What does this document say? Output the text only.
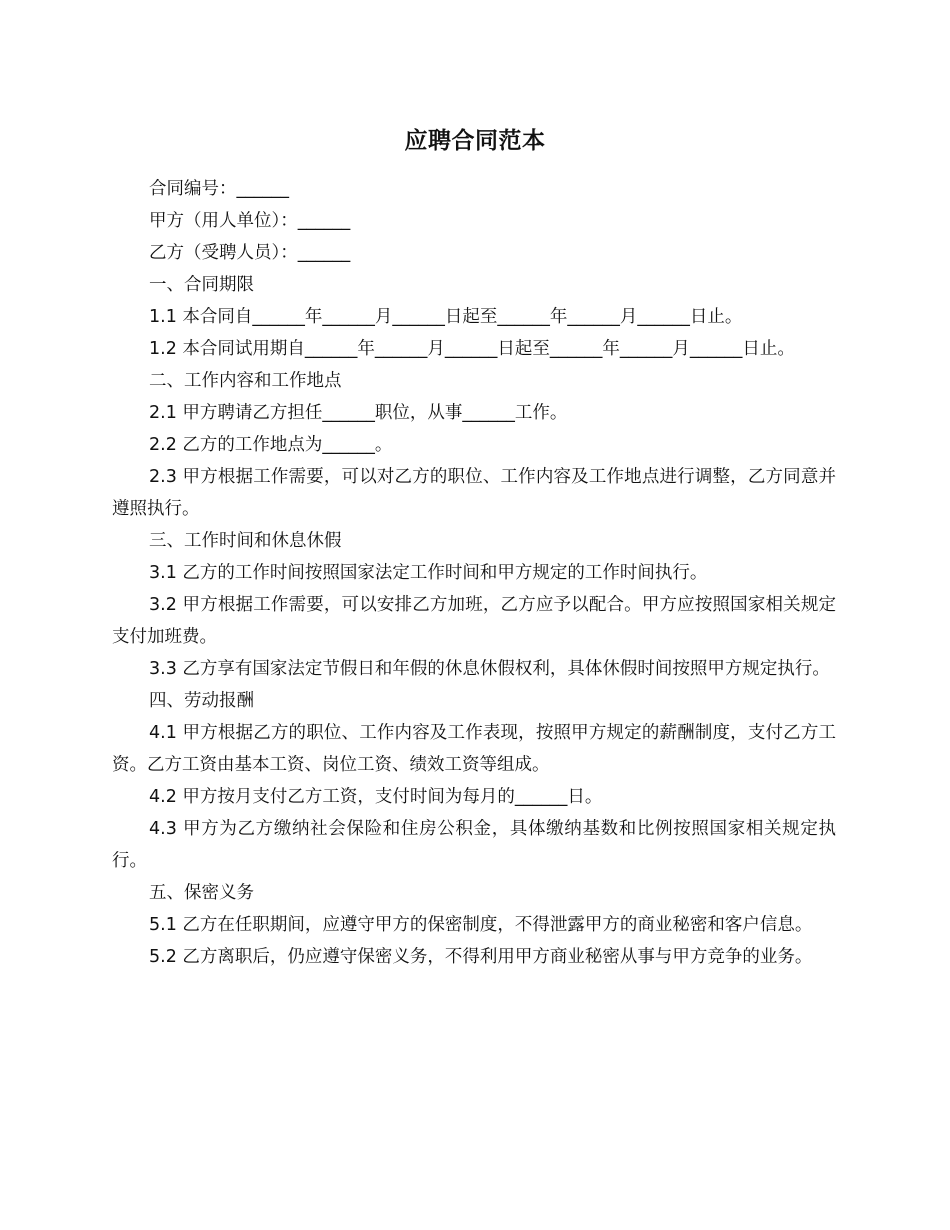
应聘合同范本

合同编号：______

甲方（用人单位）：______

乙方（受聘人员）：______

一、合同期限

1.1 本合同自______年______月______日起至______年______月______日止。

1.2 本合同试用期自______年______月______日起至______年______月______日止。

二、工作内容和工作地点

2.1 甲方聘请乙方担任______职位，从事______工作。

2.2 乙方的工作地点为______。

2.3 甲方根据工作需要，可以对乙方的职位、工作内容及工作地点进行调整，乙方同意并遵照执行。

三、工作时间和休息休假

3.1 乙方的工作时间按照国家法定工作时间和甲方规定的工作时间执行。

3.2 甲方根据工作需要，可以安排乙方加班，乙方应予以配合。甲方应按照国家相关规定支付加班费。

3.3 乙方享有国家法定节假日和年假的休息休假权利，具体休假时间按照甲方规定执行。

四、劳动报酬

4.1 甲方根据乙方的职位、工作内容及工作表现，按照甲方规定的薪酬制度，支付乙方工资。乙方工资由基本工资、岗位工资、绩效工资等组成。

4.2 甲方按月支付乙方工资，支付时间为每月的______日。

4.3 甲方为乙方缴纳社会保险和住房公积金，具体缴纳基数和比例按照国家相关规定执行。

五、保密义务

5.1 乙方在任职期间，应遵守甲方的保密制度，不得泄露甲方的商业秘密和客户信息。

5.2 乙方离职后，仍应遵守保密义务，不得利用甲方商业秘密从事与甲方竞争的业务。
